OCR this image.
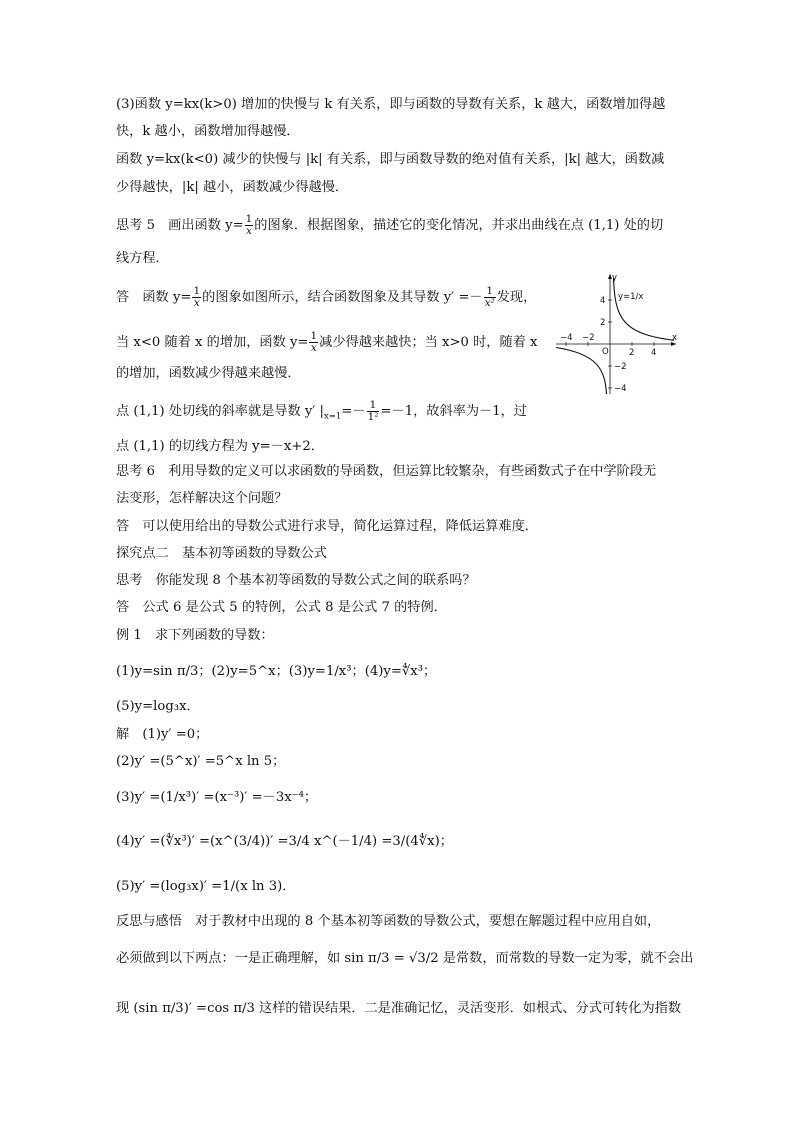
(3)函数 y=kx(k>0) 增加的快慢与 k 有关系，即与函数的导数有关系，k 越大，函数增加得越
快，k 越小，函数增加得越慢．
函数 y=kx(k<0) 减少的快慢与 |k| 有关系，即与函数导数的绝对值有关系，|k| 越大，函数减
少得越快，|k| 越小，函数减少得越慢．
思考 5　画出函数 $y= \frac{1}{x}$ 的图象．根据图象，描述它的变化情况，并求出曲线在点 (1,1) 处的切
线方程．
答　函数 $y= \frac{1}{x}$ 的图象如图所示，结合函数图象及其导数 $y' =- \frac{1}{\text{x²}}$ 发现，
当 x<0 随着 x 的增加，函数 $y= \frac{1}{x}$ 减少得越来越快；当 x>0 时，随着 x
的增加，函数减少得越来越慢．
点 (1,1) 处切线的斜率就是导数 y′ $|_{x=1}=- \frac{1}{\text{1²}} =-1$，故斜率为－1，过
点 (1,1) 的切线方程为 y=－x+2．
思考 6　利用导数的定义可以求函数的导函数，但运算比较繁杂，有些函数式子在中学阶段无
法变形，怎样解决这个问题？
答　可以使用给出的导数公式进行求导，简化运算过程，降低运算难度．
探究点二　基本初等函数的导数公式
思考　你能发现 8 个基本初等函数的导数公式之间的联系吗？
答　公式 6 是公式 5 的特例，公式 8 是公式 7 的特例．
例 1　求下列函数的导数：
(1)y=sin π/3；(2)y=5^x；(3)y=1/x³；(4)y=∜x³；
(5)y=log₃x．
解　(1)y′ =0；
(2)y′ =(5^x)′ =5^x ln 5；
(3)y′ =(1/x³)′ =(x⁻³)′ =－3x⁻⁴；
(4)y′ =(∜x³)′ =(x^(3/4))′ =3/4 x^(－1/4) =3/(4∜x)；
(5)y′ =(log₃x)′ =1/(x ln 3)．
反思与感悟　对于教材中出现的 8 个基本初等函数的导数公式，要想在解题过程中应用自如，
必须做到以下两点：一是正确理解，如 sin π/3 = √3/2 是常数，而常数的导数一定为零，就不会出
现 (sin π/3)′ =cos π/3 这样的错误结果．二是准确记忆，灵活变形．如根式、分式可转化为指数
y
x
O
y=1/x
−4 −2
2 4
4
2
−2
−4
